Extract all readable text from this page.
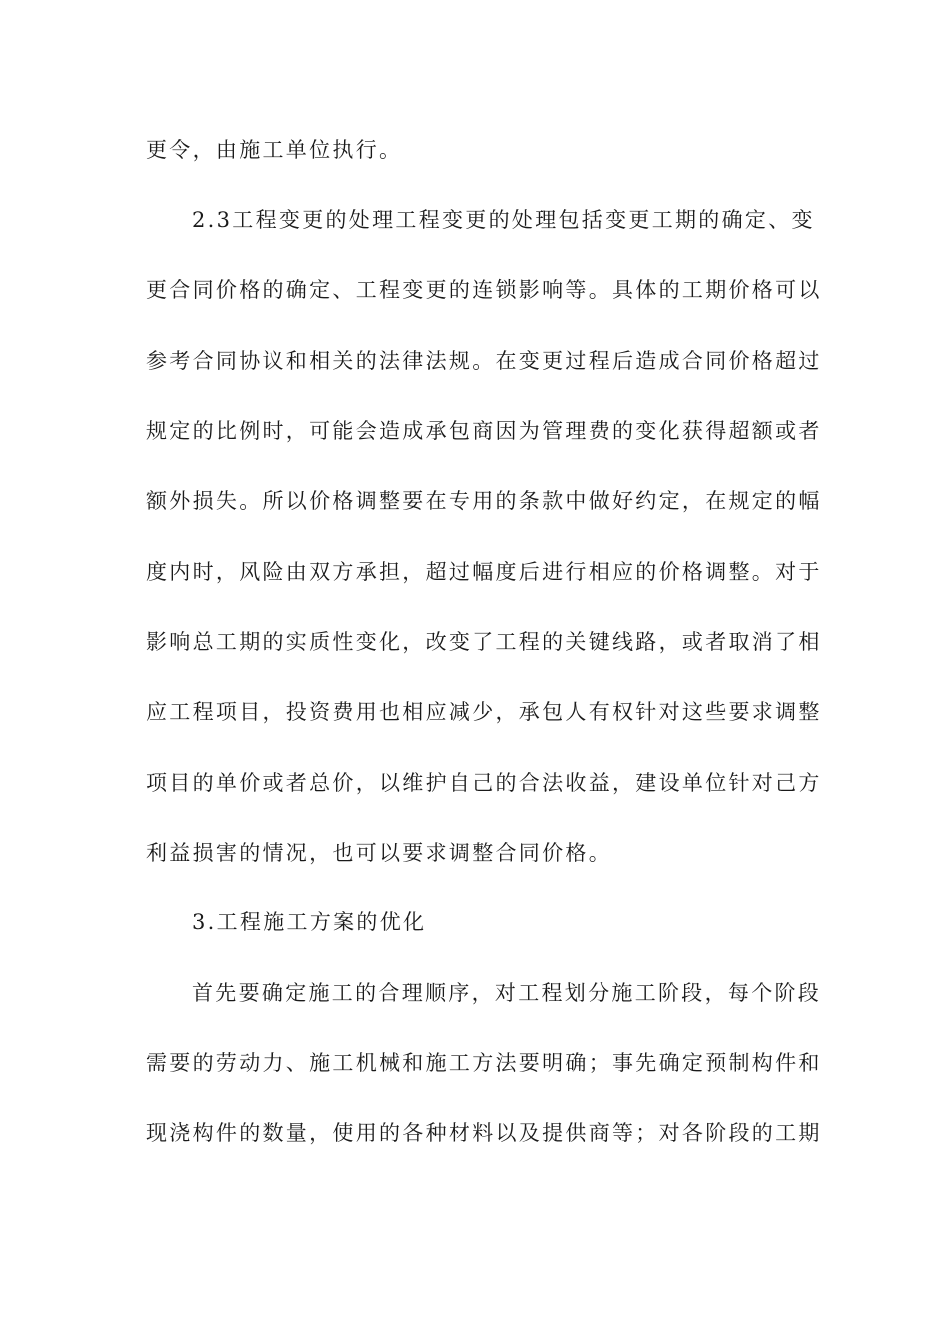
更令，由施工单位执行。
2.3工程变更的处理工程变更的处理包括变更工期的确定、变
更合同价格的确定、工程变更的连锁影响等。具体的工期价格可以
参考合同协议和相关的法律法规。在变更过程后造成合同价格超过
规定的比例时，可能会造成承包商因为管理费的变化获得超额或者
额外损失。所以价格调整要在专用的条款中做好约定，在规定的幅
度内时，风险由双方承担，超过幅度后进行相应的价格调整。对于
影响总工期的实质性变化，改变了工程的关键线路，或者取消了相
应工程项目，投资费用也相应减少，承包人有权针对这些要求调整
项目的单价或者总价，以维护自己的合法收益，建设单位针对己方
利益损害的情况，也可以要求调整合同价格。
3.工程施工方案的优化
首先要确定施工的合理顺序，对工程划分施工阶段，每个阶段
需要的劳动力、施工机械和施工方法要明确；事先确定预制构件和
现浇构件的数量，使用的各种材料以及提供商等；对各阶段的工期
